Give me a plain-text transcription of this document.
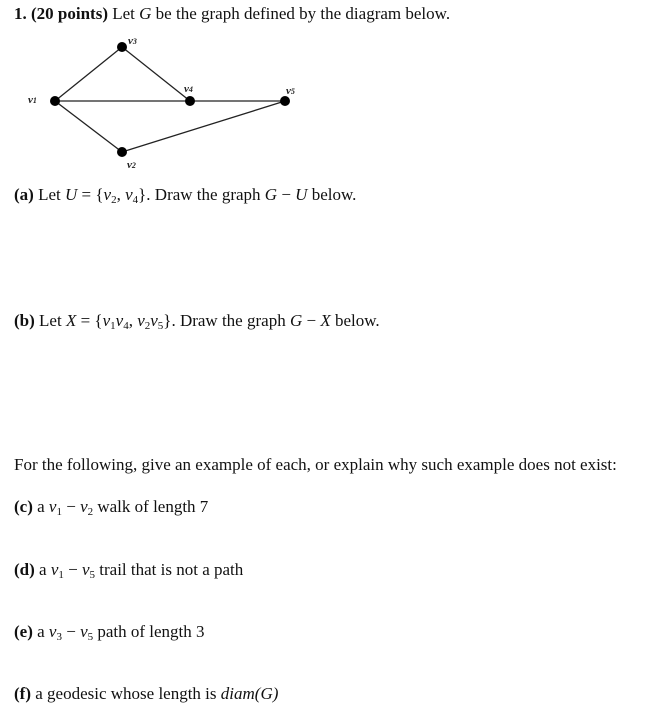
1. (20 points) Let G be the graph defined by the diagram below.
v3
v1
v4	v5
v2
(a) Let $U = \{v_2$, $v_4$}. Draw the graph G − U below.
(b) Let $X = \{v_1v_4$, $v_2v_5$}. Draw the graph G − X below.
For the following, give an example of each, or explain why such example does not exist:
(c) a $v_1 - v_2$ walk of length 7
(d) a $v_1 - v_5$ trail that is not a path
(e) a $v_3 - v_5$ path of length 3
(f) a geodesic whose length is diam(G)
